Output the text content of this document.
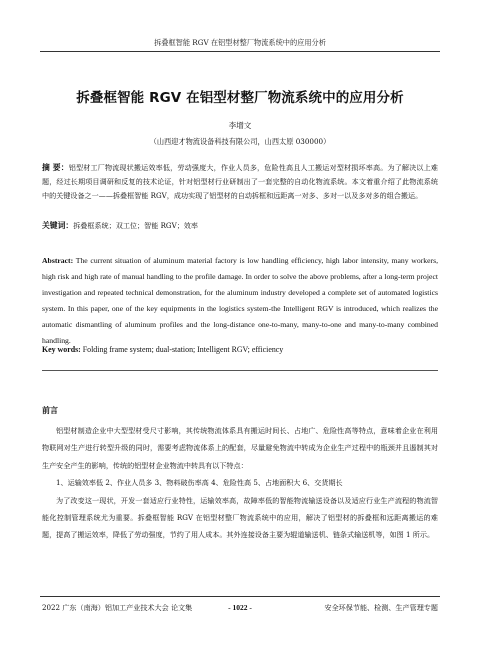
拆叠框智能 RGV 在铝型材整厂物流系统中的应用分析
拆叠框智能 RGV 在铝型材整厂物流系统中的应用分析
李增文
（山西迎才物流设备科技有限公司，山西太原 030000）
摘 要：铝型材工厂物流现状搬运效率低，劳动强度大，作业人员多，危险性高且人工搬运对型材损坏率高。为了解决以上难题，经过长期项目调研和反复的技术论证，针对铝型材行业研制出了一套完整的自动化物流系统。本文着重介绍了此物流系统中的关键设备之一——拆叠框智能 RGV，成功实现了铝型材的自动拆框和远距离一对多、多对一以及多对多的组合搬运。
关键词：拆叠框系统；双工位；智能 RGV；效率
Abstract: The current situation of aluminum material factory is low handling efficiency, high labor intensity, many workers, high risk and high rate of manual handling to the profile damage. In order to solve the above problems, after a long-term project investigation and repeated technical demonstration, for the aluminum industry developed a complete set of automated logistics system. In this paper, one of the key equipments in the logistics system-the Intelligent RGV is introduced, which realizes the automatic dismantling of aluminum profiles and the long-distance one-to-many, many-to-one and many-to-many combined handling.
Key words: Folding frame system; dual-station; Intelligent RGV; efficiency
前言

铝型材制造企业中大型型材受尺寸影响，其传统物流体系具有搬运时间长、占地广、危险性高等特点，意味着企业在利用物联网对生产进行转型升级的同时，需要考虑物流体系上的配套，尽量避免物流中转成为企业生产过程中的瓶颈并且遏制其对生产安全产生的影响，传统的铝型材企业物流中转具有以下特点：

1、运输效率低 2、作业人员多 3、物料破伤率高 4、危险性高 5、占地面积大 6、交货期长

为了改变这一现状，开发一套适应行业特性，运输效率高，故障率低的智能物流输送设备以及适应行业生产流程的物流智能化控制管理系统尤为重要。拆叠框智能 RGV 在铝型材整厂物流系统中的应用，解决了铝型材的拆叠框和远距离搬运的难题，提高了搬运效率，降低了劳动强度，节约了用人成本。其外连接设备主要为辊道输送机、链条式输送机等，如图 1 所示。

2022 广东（南海）铝加工产业技术大会 论文集	- 1022 -	安全环保节能、检测、生产管理专题
